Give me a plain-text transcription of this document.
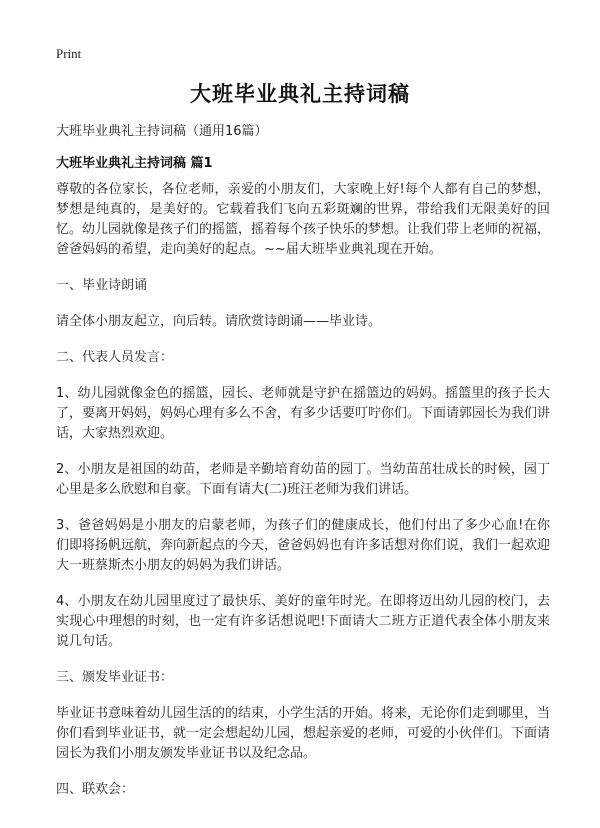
Print
大班毕业典礼主持词稿
大班毕业典礼主持词稿（通用16篇）
大班毕业典礼主持词稿 篇1

尊敬的各位家长，各位老师，亲爱的小朋友们，大家晚上好!每个人都有自己的梦想，梦想是纯真的，是美好的。它载着我们飞向五彩斑斓的世界，带给我们无限美好的回忆。幼儿园就像是孩子们的摇篮，摇着每个孩子快乐的梦想。让我们带上老师的祝福，爸爸妈妈的希望，走向美好的起点。~~届大班毕业典礼现在开始。

一、毕业诗朗诵

请全体小朋友起立，向后转。请欣赏诗朗诵——毕业诗。

二、代表人员发言：

1、幼儿园就像金色的摇篮，园长、老师就是守护在摇篮边的妈妈。摇篮里的孩子长大了，要离开妈妈，妈妈心理有多么不舍，有多少话要叮咛你们。下面请郭园长为我们讲话，大家热烈欢迎。

2、小朋友是祖国的幼苗，老师是辛勤培育幼苗的园丁。当幼苗茁壮成长的时候，园丁心里是多么欣慰和自豪。下面有请大(二)班汪老师为我们讲话。

3、爸爸妈妈是小朋友的启蒙老师，为孩子们的健康成长，他们付出了多少心血!在你们即将扬帆远航，奔向新起点的今天，爸爸妈妈也有许多话想对你们说，我们一起欢迎大一班蔡斯杰小朋友的妈妈为我们讲话。

4、小朋友在幼儿园里度过了最快乐、美好的童年时光。在即将迈出幼儿园的校门，去实现心中理想的时刻，也一定有许多话想说吧!下面请大二班方正道代表全体小朋友来说几句话。

三、颁发毕业证书：

毕业证书意味着幼儿园生活的的结束，小学生活的开始。将来，无论你们走到哪里，当你们看到毕业证书，就一定会想起幼儿园，想起亲爱的老师，可爱的小伙伴们。下面请园长为我们小朋友颁发毕业证书以及纪念品。

四、联欢会：
